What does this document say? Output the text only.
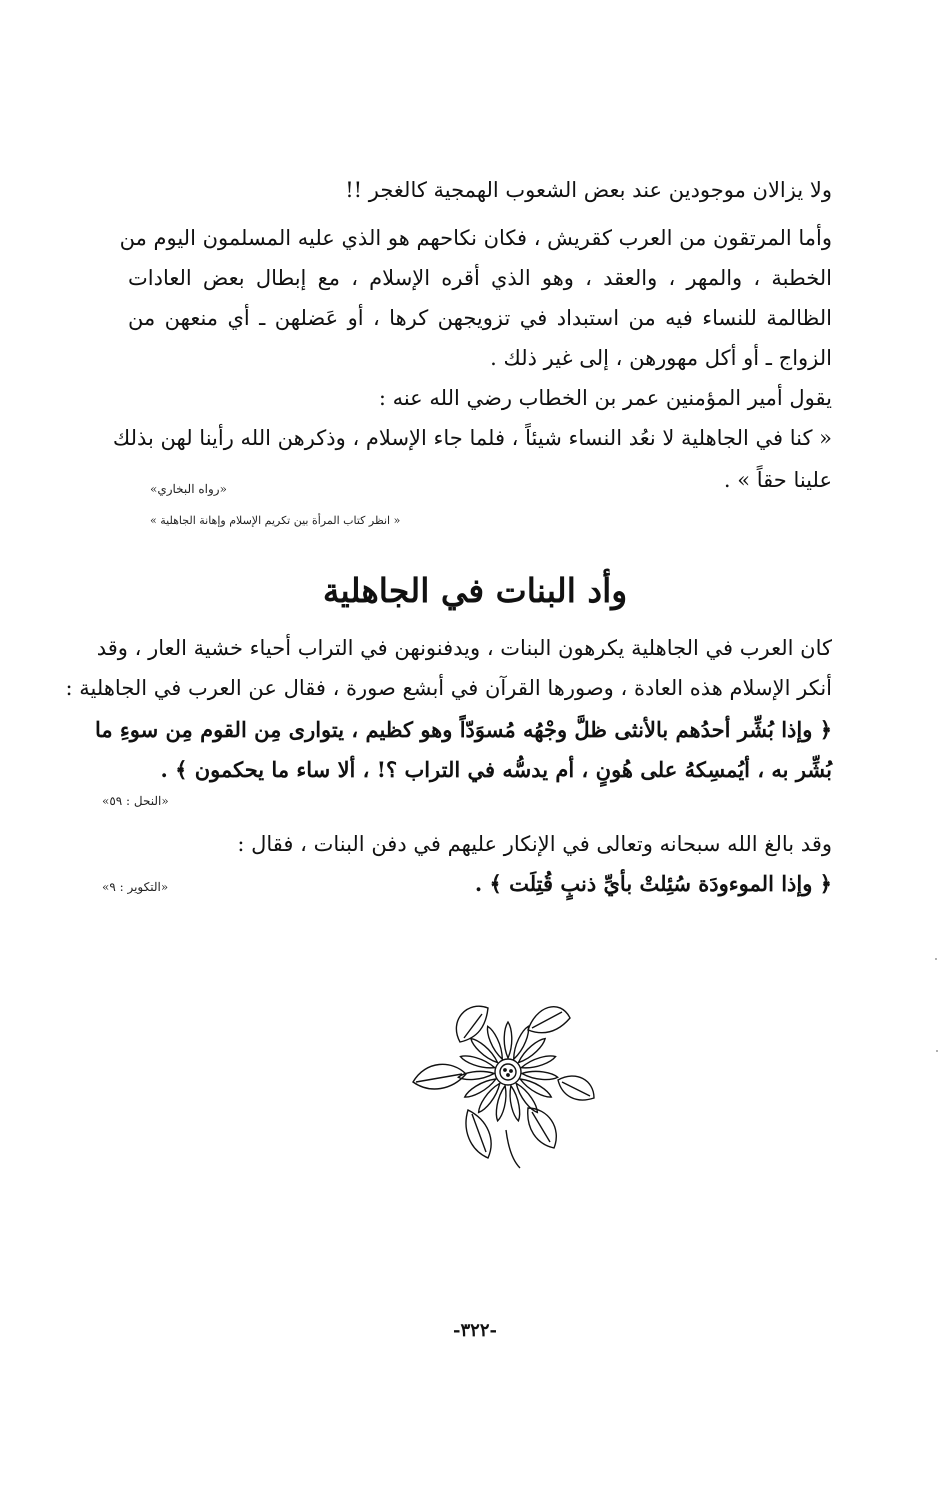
ولا يزالان موجودين عند بعض الشعوب الهمجية كالغجر !!
وأما المرتقون من العرب كقريش ، فكان نكاحهم هو الذي عليه المسلمون اليوم من
الخطبة ، والمهر ، والعقد ، وهو الذي أقره الإسلام ، مع إبطال بعض العادات
الظالمة للنساء فيه من استبداد في تزويجهن كرها ، أو عَضلهن ـ أي منعهن من
الزواج ـ أو أكل مهورهن ، إلى غير ذلك .
يقول أمير المؤمنين عمر بن الخطاب رضي الله عنه :
« كنا في الجاهلية لا نعُد النساء شيئاً ، فلما جاء الإسلام ، وذكرهن الله رأينا لهن بذلك
علينا حقاً » .
«رواه البخاري»
« انظر كتاب المرأة بين تكريم الإسلام وإهانة الجاهلية »
وأد البنات في الجاهلية
كان العرب في الجاهلية يكرهون البنات ، ويدفنونهن في التراب أحياء خشية العار ، وقد
أنكر الإسلام هذه العادة ، وصورها القرآن في أبشع صورة ، فقال عن العرب في الجاهلية :
﴿ وإذا بُشِّر أحدُهم بالأنثى ظلَّ وجْهُه مُسوَدّاً وهو كظيم ، يتوارى مِن القوم مِن سوءِ ما
بُشِّر به ، أيُمسِكهُ على هُونٍ ، أم يدسُّه في التراب ؟! ، ألا ساء ما يحكمون ﴾ .
«النحل : ٥٩»
وقد بالغ الله سبحانه وتعالى في الإنكار عليهم في دفن البنات ، فقال :
﴿ وإذا الموءودَة سُئِلتْ بأيِّ ذنبٍ قُتِلَت ﴾ .
«التكوير : ٩»
-٣٢٢-
